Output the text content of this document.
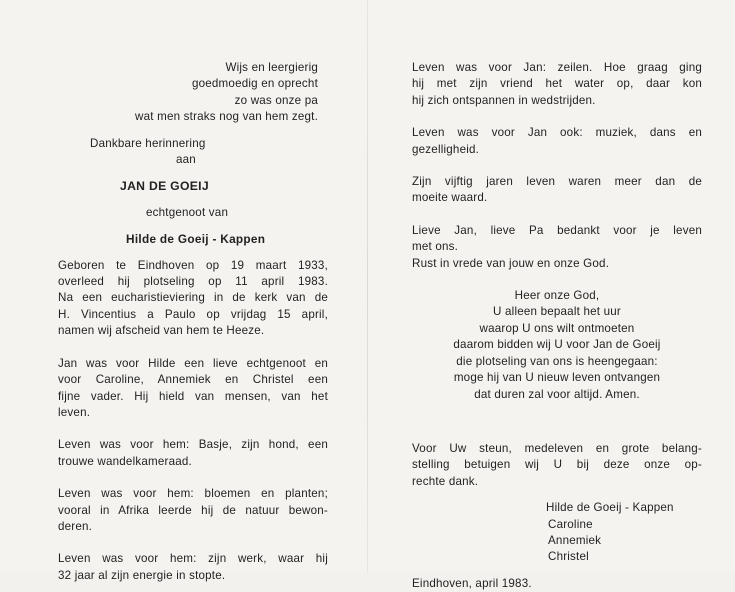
Wijs en leergierig
goedmoedig en oprecht
zo was onze pa
wat men straks nog van hem zegt.
Dankbare herinnering
aan
JAN DE GOEIJ
echtgenoot van
Hilde de Goeij - Kappen
Geboren te Eindhoven op 19 maart 1933,
overleed hij plotseling op 11 april 1983.
Na een eucharistieviering in de kerk van de
H. Vincentius a Paulo op vrijdag 15 april,
namen wij afscheid van hem te Heeze.
Jan was voor Hilde een lieve echtgenoot en
voor Caroline, Annemiek en Christel een
fijne vader. Hij hield van mensen, van het
leven.
Leven was voor hem: Basje, zijn hond, een
trouwe wandelkameraad.
Leven was voor hem: bloemen en planten;
vooral in Afrika leerde hij de natuur bewon-
deren.
Leven was voor hem: zijn werk, waar hij
32 jaar al zijn energie in stopte.
Leven was voor Jan: zeilen. Hoe graag ging
hij met zijn vriend het water op, daar kon
hij zich ontspannen in wedstrijden.
Leven was voor Jan ook: muziek, dans en
gezelligheid.
Zijn vijftig jaren leven waren meer dan de
moeite waard.
Lieve Jan, lieve Pa bedankt voor je leven
met ons.
Rust in vrede van jouw en onze God.
Heer onze God,
U alleen bepaalt het uur
waarop U ons wilt ontmoeten
daarom bidden wij U voor Jan de Goeij
die plotseling van ons is heengegaan:
moge hij van U nieuw leven ontvangen
dat duren zal voor altijd. Amen.
Voor Uw steun, medeleven en grote belang-
stelling betuigen wij U bij deze onze op-
rechte dank.
Hilde de Goeij - Kappen
Caroline
Annemiek
Christel
Eindhoven, april 1983.
